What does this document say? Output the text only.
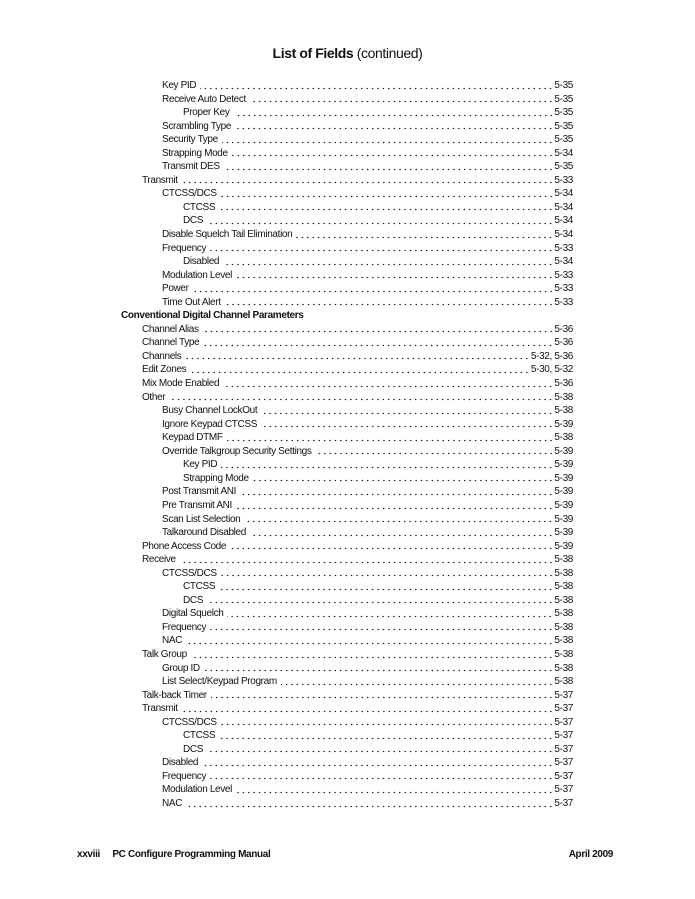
List of Fields (continued)
Key PID	5-35
Receive Auto Detect	5-35
Proper Key	5-35
Scrambling Type	5-35
Security Type	5-35
Strapping Mode	5-34
Transmit DES	5-35
Transmit	5-33
CTCSS/DCS	5-34
CTCSS	5-34
DCS	5-34
Disable Squelch Tail Elimination	5-34
Frequency	5-33
Disabled	5-34
Modulation Level	5-33
Power	5-33
Time Out Alert	5-33
Conventional Digital Channel Parameters
Channel Alias	5-36
Channel Type	5-36
Channels	5-32, 5-36
Edit Zones	5-30, 5-32
Mix Mode Enabled	5-36
Other	5-38
Busy Channel LockOut	5-38
Ignore Keypad CTCSS	5-39
Keypad DTMF	5-38
Override Talkgroup Security Settings	5-39
Key PID	5-39
Strapping Mode	5-39
Post Transmit ANI	5-39
Pre Transmit ANI	5-39
Scan List Selection	5-39
Talkaround Disabled	5-39
Phone Access Code	5-39
Receive	5-38
CTCSS/DCS	5-38
CTCSS	5-38
DCS	5-38
Digital Squelch	5-38
Frequency	5-38
NAC	5-38
Talk Group	5-38
Group ID	5-38
List Select/Keypad Program	5-38
Talk-back Timer	5-37
Transmit	5-37
CTCSS/DCS	5-37
CTCSS	5-37
DCS	5-37
Disabled	5-37
Frequency	5-37
Modulation Level	5-37
NAC	5-37
xxviii PC Configure Programming Manual	April 2009
